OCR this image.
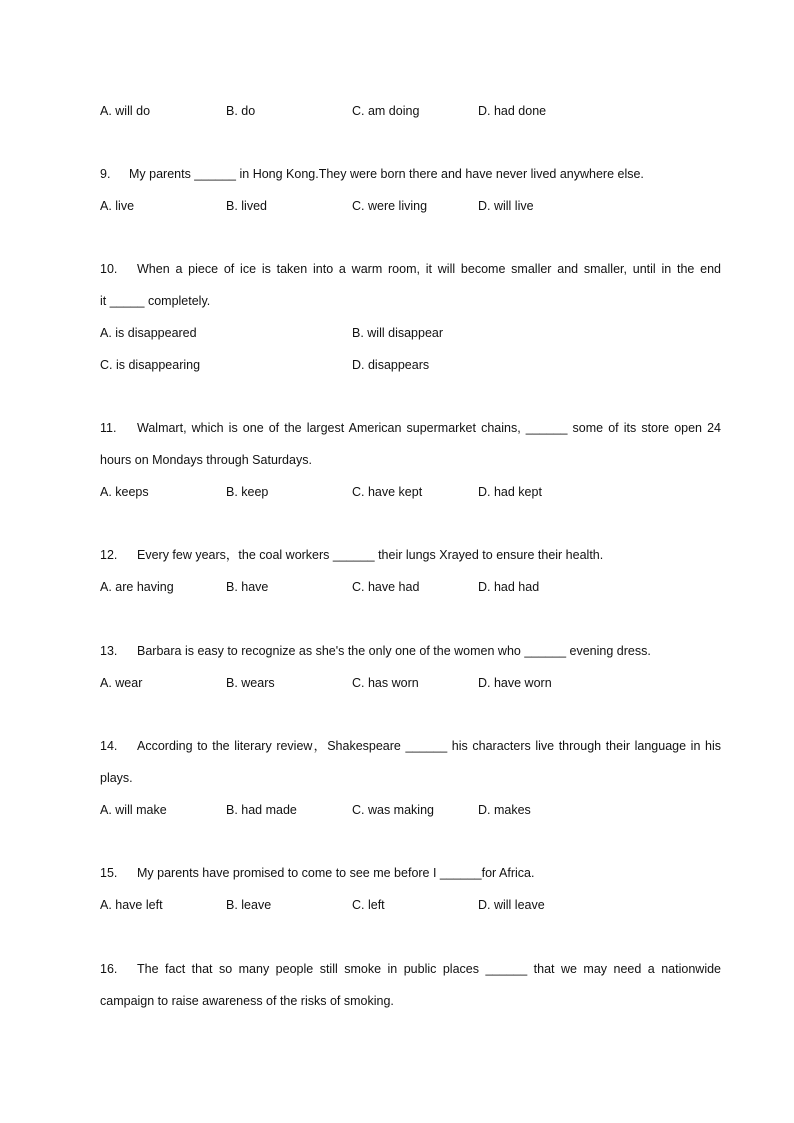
A. will do	B. do	C. am doing	D. had done
9. My parents ______ in Hong Kong.They were born there and have never lived anywhere else.
A. live	B. lived	C. were living	D. will live
10. When a piece of ice is taken into a warm room, it will become smaller and smaller, until in the end
it _____ completely.
A. is disappeared	B. will disappear
C. is disappearing	D. disappears
11. Walmart, which is one of the largest American supermarket chains, ______ some of its store open 24
hours on Mondays through Saturdays.
A. keeps	B. keep	C. have kept	D. had kept
12. Every few years，the coal workers ______ their lungs Xrayed to ensure their health.
A. are having	B. have	C. have had	D. had had
13. Barbara is easy to recognize as she's the only one of the women who ______ evening dress.
A. wear	B. wears	C. has worn	D. have worn
14. According to the literary review，Shakespeare ______ his characters live through their language in his
plays.
A. will make	B. had made	C. was making	D. makes
15. My parents have promised to come to see me before I ______for Africa.
A. have left	B. leave	C. left	D. will leave
16. The fact that so many people still smoke in public places ______ that we may need a nationwide
campaign to raise awareness of the risks of smoking.
